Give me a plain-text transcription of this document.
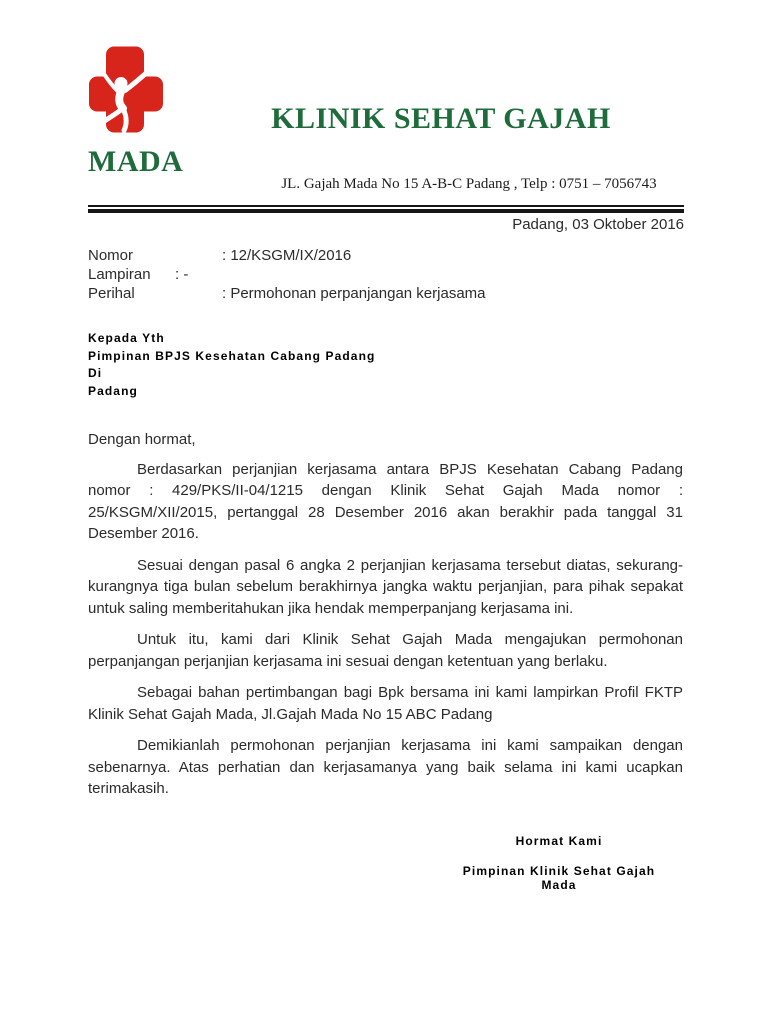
KLINIK SEHAT GAJAH
MADA
JL. Gajah Mada No 15 A-B-C Padang , Telp : 0751 – 7056743
Padang, 03 Oktober 2016
Nomor	: 12/KSGM/IX/2016
Lampiran	: -
Perihal	: Permohonan perpanjangan kerjasama
Kepada Yth
Pimpinan BPJS Kesehatan Cabang Padang
Di
Padang
Dengan hormat,

Berdasarkan perjanjian kerjasama antara BPJS Kesehatan Cabang Padang nomor : 429/PKS/II-04/1215 dengan Klinik Sehat Gajah Mada nomor : 25/KSGM/XII/2015, pertanggal 28 Desember 2016 akan berakhir pada tanggal 31 Desember 2016.

Sesuai dengan pasal 6 angka 2 perjanjian kerjasama tersebut diatas, sekurang-kurangnya tiga bulan sebelum berakhirnya jangka waktu perjanjian, para pihak sepakat untuk saling memberitahukan jika hendak memperpanjang kerjasama ini.

Untuk itu, kami dari Klinik Sehat Gajah Mada mengajukan permohonan perpanjangan perjanjian kerjasama ini sesuai dengan ketentuan yang berlaku.

Sebagai bahan pertimbangan bagi Bpk bersama ini kami lampirkan Profil FKTP Klinik Sehat Gajah Mada, Jl.Gajah Mada No 15 ABC Padang

Demikianlah permohonan perjanjian kerjasama ini kami sampaikan dengan sebenarnya. Atas perhatian dan kerjasamanya yang baik selama ini kami ucapkan terimakasih.

Hormat Kami
Pimpinan Klinik Sehat Gajah Mada
